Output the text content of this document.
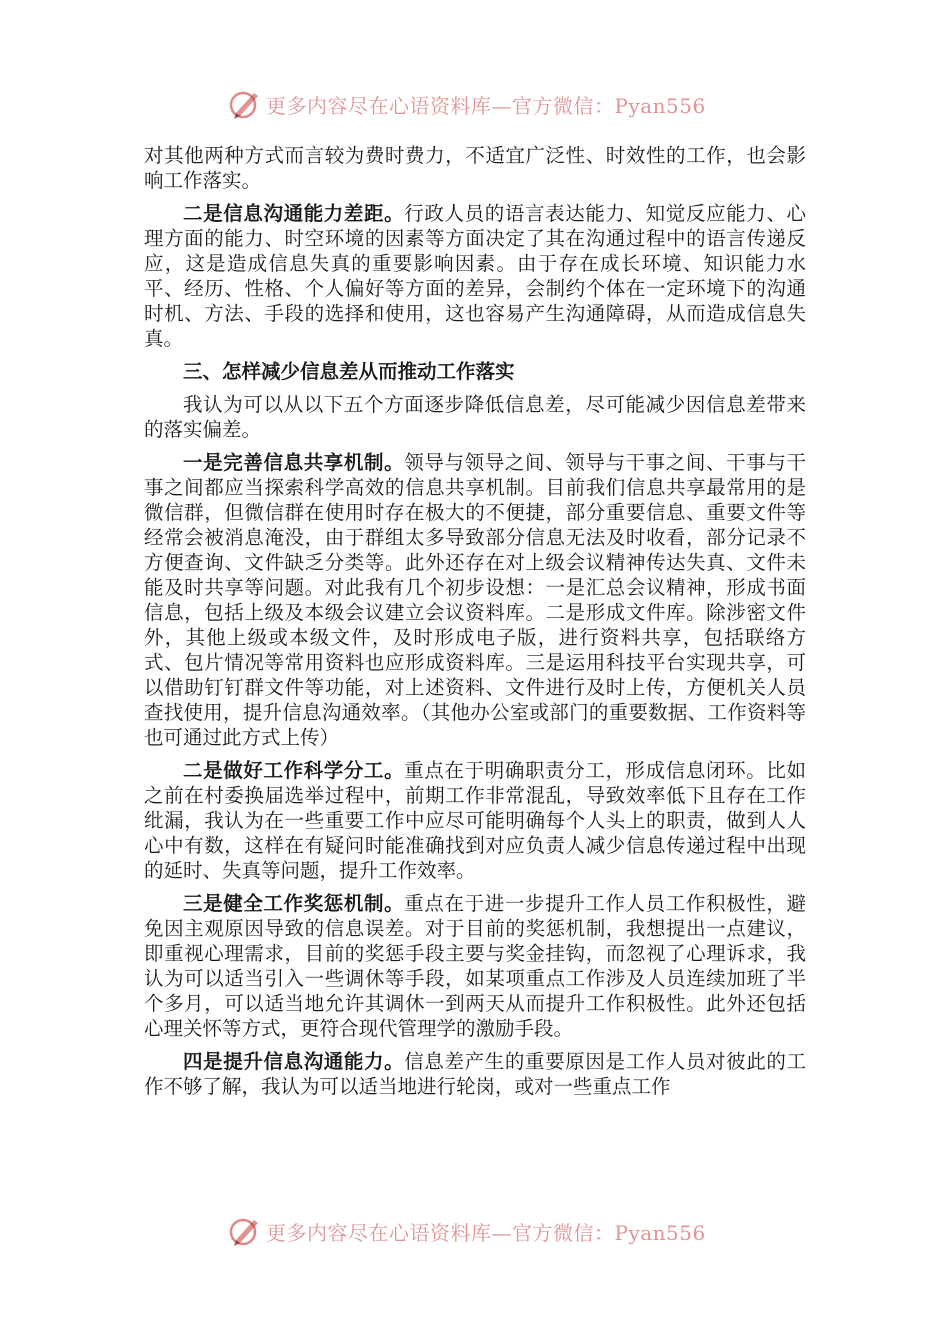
更多内容尽在心语资料库—官方微信：Pyan556

对其他两种方式而言较为费时费力，不适宜广泛性、时效性的工作，也会影响工作落实。

二是信息沟通能力差距。行政人员的语言表达能力、知觉反应能力、心理方面的能力、时空环境的因素等方面决定了其在沟通过程中的语言传递反应，这是造成信息失真的重要影响因素。由于存在成长环境、知识能力水平、经历、性格、个人偏好等方面的差异，会制约个体在一定环境下的沟通时机、方法、手段的选择和使用，这也容易产生沟通障碍，从而造成信息失真。

三、怎样减少信息差从而推动工作落实

我认为可以从以下五个方面逐步降低信息差，尽可能减少因信息差带来的落实偏差。

一是完善信息共享机制。领导与领导之间、领导与干事之间、干事与干事之间都应当探索科学高效的信息共享机制。目前我们信息共享最常用的是微信群，但微信群在使用时存在极大的不便捷，部分重要信息、重要文件等经常会被消息淹没，由于群组太多导致部分信息无法及时收看，部分记录不方便查询、文件缺乏分类等。此外还存在对上级会议精神传达失真、文件未能及时共享等问题。对此我有几个初步设想：一是汇总会议精神，形成书面信息，包括上级及本级会议建立会议资料库。二是形成文件库。除涉密文件外，其他上级或本级文件，及时形成电子版，进行资料共享，包括联络方式、包片情况等常用资料也应形成资料库。三是运用科技平台实现共享，可以借助钉钉群文件等功能，对上述资料、文件进行及时上传，方便机关人员查找使用，提升信息沟通效率。（其他办公室或部门的重要数据、工作资料等也可通过此方式上传）

二是做好工作科学分工。重点在于明确职责分工，形成信息闭环。比如之前在村委换届选举过程中，前期工作非常混乱，导致效率低下且存在工作纰漏，我认为在一些重要工作中应尽可能明确每个人头上的职责，做到人人心中有数，这样在有疑问时能准确找到对应负责人减少信息传递过程中出现的延时、失真等问题，提升工作效率。

三是健全工作奖惩机制。重点在于进一步提升工作人员工作积极性，避免因主观原因导致的信息误差。对于目前的奖惩机制，我想提出一点建议，即重视心理需求，目前的奖惩手段主要与奖金挂钩，而忽视了心理诉求，我认为可以适当引入一些调休等手段，如某项重点工作涉及人员连续加班了半个多月，可以适当地允许其调休一到两天从而提升工作积极性。此外还包括心理关怀等方式，更符合现代管理学的激励手段。

四是提升信息沟通能力。信息差产生的重要原因是工作人员对彼此的工作不够了解，我认为可以适当地进行轮岗，或对一些重点工作

更多内容尽在心语资料库—官方微信：Pyan556
